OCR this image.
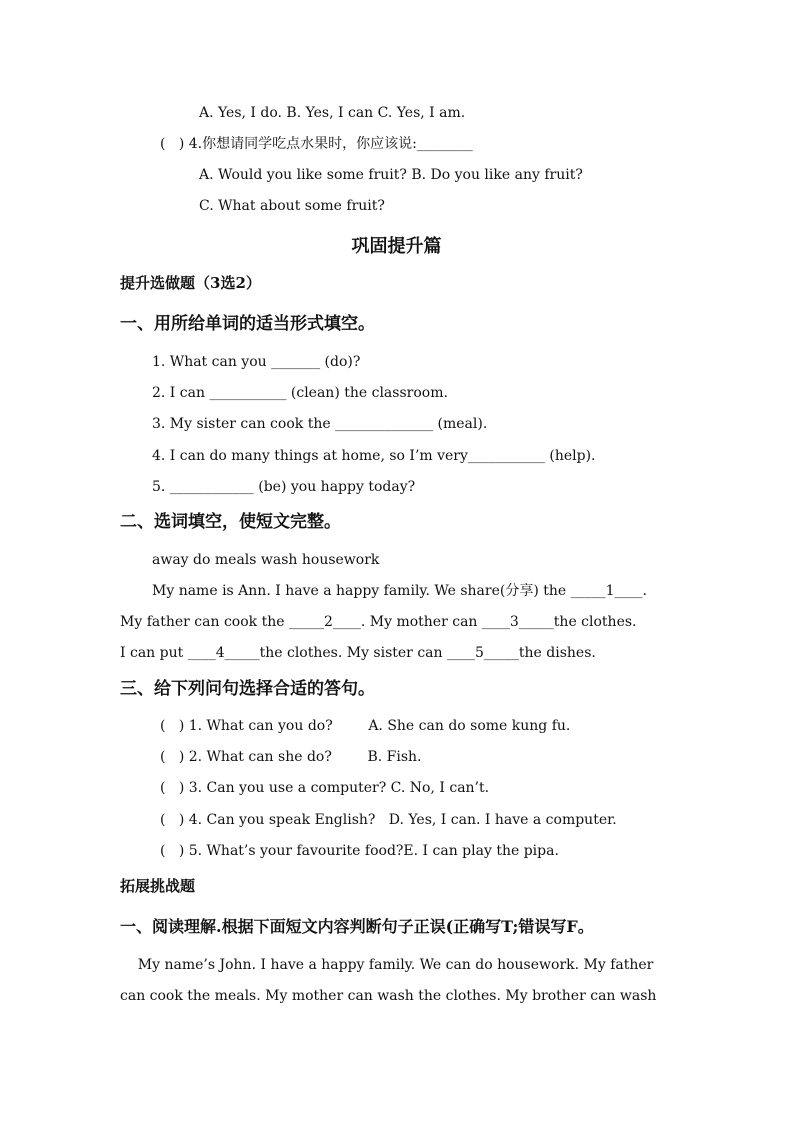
A. Yes, I do. B. Yes, I can C. Yes, I am.
(   ) 4.你想请同学吃点水果时，你应该说:________
A. Would you like some fruit? B. Do you like any fruit?
C. What about some fruit?
巩固提升篇
提升选做题（3选2）
一、用所给单词的适当形式填空。
1. What can you _______ (do)?
2. I can ___________ (clean) the classroom.
3. My sister can cook the ______________ (meal).
4. I can do many things at home, so I’m very___________ (help).
5. ____________ (be) you happy today?
二、选词填空，使短文完整。
away do meals wash housework
My name is Ann. I have a happy family. We share(分享) the _____1____.
My father can cook the _____2____. My mother can ____3_____the clothes.
I can put ____4_____the clothes. My sister can ____5_____the dishes.
三、给下列问句选择合适的答句。
(   ) 1. What can you do?        A. She can do some kung fu.
(   ) 2. What can she do?        B. Fish.
(   ) 3. Can you use a computer? C. No, I can’t.
(   ) 4. Can you speak English?   D. Yes, I can. I have a computer.
(   ) 5. What’s your favourite food?E. I can play the pipa.
拓展挑战题
一、阅读理解.根据下面短文内容判断句子正误(正确写T;错误写F。
My name’s John. I have a happy family. We can do housework. My father
can cook the meals. My mother can wash the clothes. My brother can wash
